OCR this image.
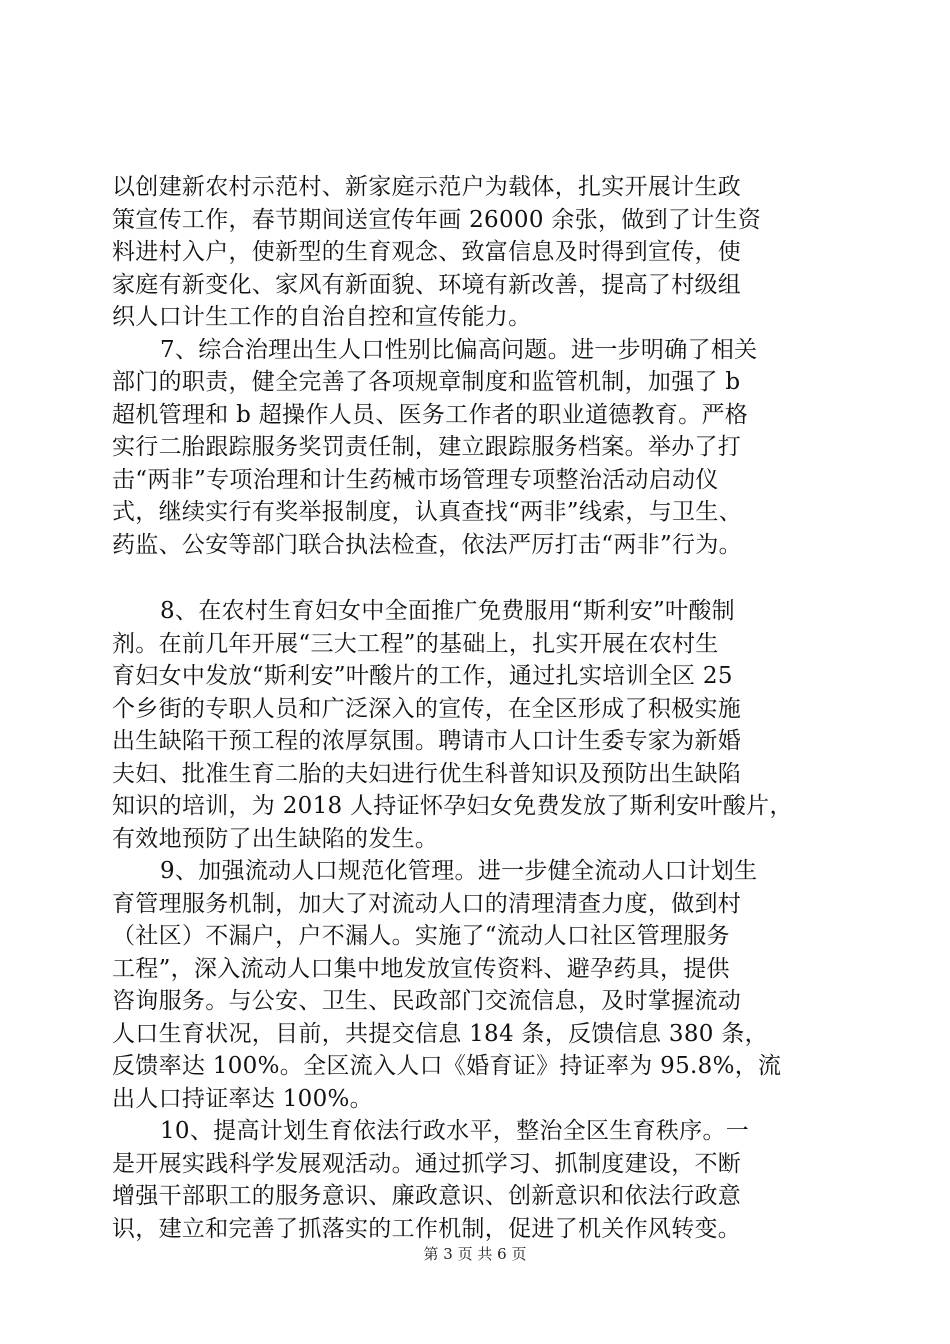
以创建新农村示范村、新家庭示范户为载体，扎实开展计生政
策宣传工作，春节期间送宣传年画 26000 余张，做到了计生资
料进村入户，使新型的生育观念、致富信息及时得到宣传，使
家庭有新变化、家风有新面貌、环境有新改善，提高了村级组
织人口计生工作的自治自控和宣传能力。
7、综合治理出生人口性别比偏高问题。进一步明确了相关
部门的职责，健全完善了各项规章制度和监管机制，加强了 b
超机管理和 b 超操作人员、医务工作者的职业道德教育。严格
实行二胎跟踪服务奖罚责任制，建立跟踪服务档案。举办了打
击“两非”专项治理和计生药械市场管理专项整治活动启动仪
式，继续实行有奖举报制度，认真查找“两非”线索，与卫生、
药监、公安等部门联合执法检查，依法严厉打击“两非”行为。
8、在农村生育妇女中全面推广免费服用“斯利安”叶酸制
剂。在前几年开展“三大工程”的基础上，扎实开展在农村生
育妇女中发放“斯利安”叶酸片的工作，通过扎实培训全区 25
个乡街的专职人员和广泛深入的宣传，在全区形成了积极实施
出生缺陷干预工程的浓厚氛围。聘请市人口计生委专家为新婚
夫妇、批准生育二胎的夫妇进行优生科普知识及预防出生缺陷
知识的培训，为 2018 人持证怀孕妇女免费发放了斯利安叶酸片，
有效地预防了出生缺陷的发生。
9、加强流动人口规范化管理。进一步健全流动人口计划生
育管理服务机制，加大了对流动人口的清理清查力度，做到村
（社区）不漏户，户不漏人。实施了“流动人口社区管理服务
工程”，深入流动人口集中地发放宣传资料、避孕药具，提供
咨询服务。与公安、卫生、民政部门交流信息，及时掌握流动
人口生育状况，目前，共提交信息 184 条，反馈信息 380 条，
反馈率达 100%。全区流入人口《婚育证》持证率为 95.8%，流
出人口持证率达 100%。
10、提高计划生育依法行政水平，整治全区生育秩序。一
是开展实践科学发展观活动。通过抓学习、抓制度建设，不断
增强干部职工的服务意识、廉政意识、创新意识和依法行政意
识，建立和完善了抓落实的工作机制，促进了机关作风转变。
第 3 页 共 6 页
